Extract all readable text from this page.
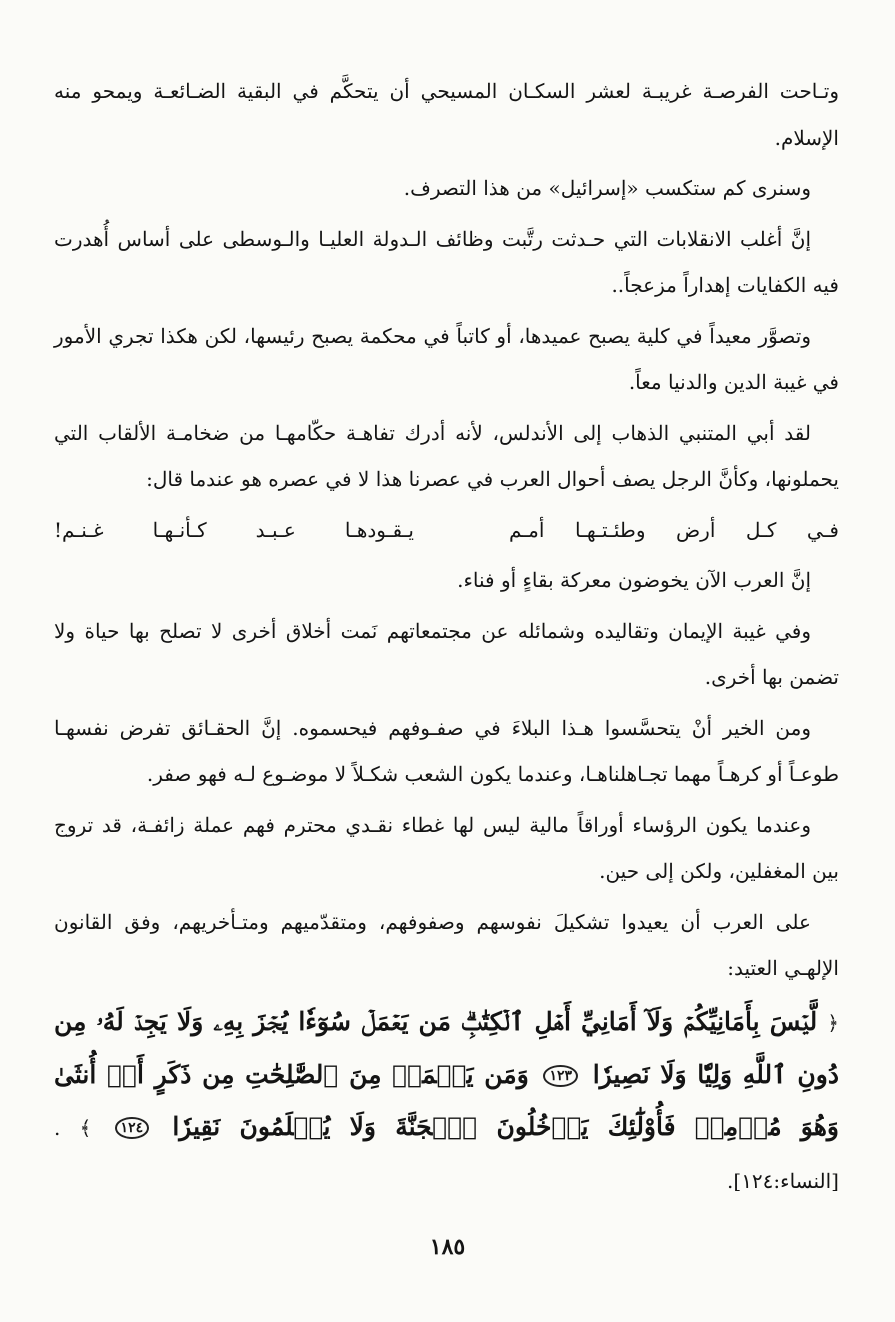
وتـاحت الفرصـة غريبـة لعشر السكـان المسيحي أن يتحكَّم في البقية الضـائعـة ويمحو منه الإسلام.

وسنرى كم ستكسب «إسرائيل» من هذا التصرف.

إنَّ أغلب الانقلابات التي حـدثت رتَّبت وظائف الـدولة العليـا والـوسطى على أساس أُهدرت فيه الكفايات إهداراً مزعجاً..

وتصوَّر معيداً في كلية يصبح عميدها، أو كاتباً في محكمة يصبح رئيسها، لكن هكذا تجري الأمور في غيبة الدين والدنيا معاً.

لقد أبي المتنبي الذهاب إلى الأندلس، لأنه أدرك تفاهـة حكّامهـا من ضخامـة الألقاب التي يحملونها، وكأنَّ الرجل يصف أحوال العرب في عصرنا هذا لا في عصره هو عندما قال:

فـي كـل أرض وطئـتـهـا أمـم
يـقـودهـا عـبـد كـأنـهـا غـنـم!

إنَّ العرب الآن يخوضون معركة بقاءٍ أو فناء.

وفي غيبة الإيمان وتقاليده وشمائله عن مجتمعاتهم نَمت أخلاق أخرى لا تصلح بها حياة ولا تضمن بها أخرى.

ومن الخير أنْ يتحسَّسوا هـذا البلاءَ في صفـوفهم فيحسموه. إنَّ الحقـائق تفرض نفسهـا طوعـاً أو كرهـاً مهما تجـاهلناهـا، وعندما يكون الشعب شكـلاً لا موضـوع لـه فهو صفر.

وعندما يكون الرؤساء أوراقاً مالية ليس لها غطاء نقـدي محترم فهم عملة زائفـة، قد تروج بين المغفلين، ولكن إلى حين.

على العرب أن يعيدوا تشكيلَ نفوسهم وصفوفهم، ومتقدّميهم ومتـأخريهم، وفق القانون الإلهـي العتيد:

﴿ لَّيۡسَ بِأَمَانِيِّكُمۡ وَلَآ أَمَانِيِّ أَهۡلِ ٱلۡكِتَٰبِۗ مَن يَعۡمَلۡ سُوٓءٗا يُجۡزَ بِهِۦ وَلَا يَجِدۡ لَهُۥ مِن دُونِ ٱللَّهِ وَلِيّٗا وَلَا نَصِيرٗا ١٢٣ وَمَن يَعۡمَلۡ مِنَ ٱلصَّٰلِحَٰتِ مِن ذَكَرٍ أَوۡ أُنثَىٰ وَهُوَ مُؤۡمِنٞ فَأُوْلَٰٓئِكَ يَدۡخُلُونَ ٱلۡجَنَّةَ وَلَا يُظۡلَمُونَ نَقِيرٗا ١٢٤ ﴾ . [النساء:١٢٤].

١٨٥
